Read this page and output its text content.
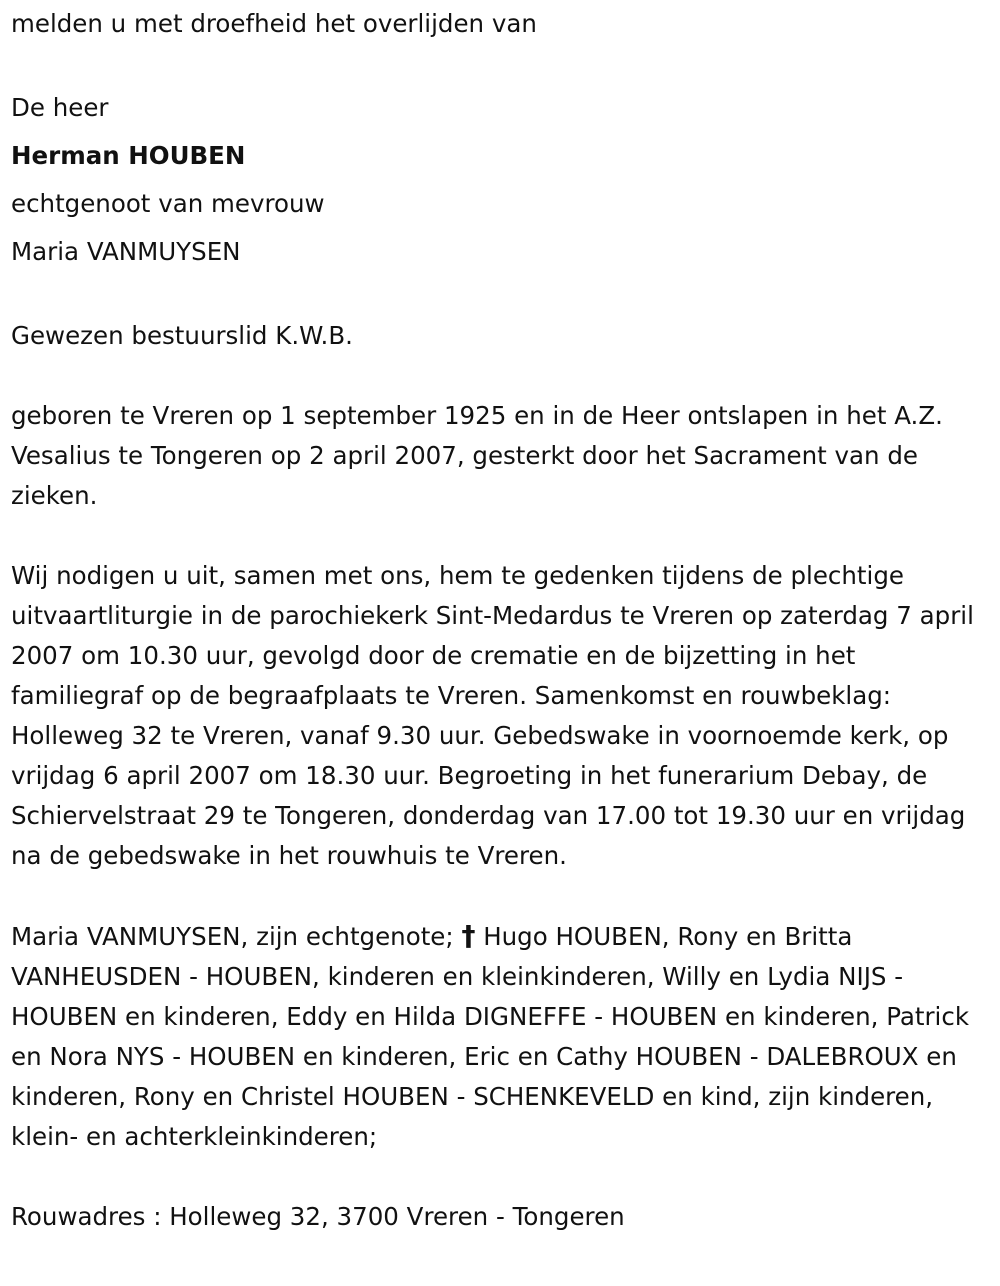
melden u met droefheid het overlijden van

De heer

Herman HOUBEN

echtgenoot van mevrouw

Maria VANMUYSEN

Gewezen bestuurslid K.W.B.

geboren te Vreren op 1 september 1925 en in de Heer ontslapen in het A.Z. Vesalius te Tongeren op 2 april 2007, gesterkt door het Sacrament van de zieken.

Wij nodigen u uit, samen met ons, hem te gedenken tijdens de plechtige uitvaartliturgie in de parochiekerk Sint-Medardus te Vreren op zaterdag 7 april 2007 om 10.30 uur, gevolgd door de crematie en de bijzetting in het familiegraf op de begraafplaats te Vreren. Samenkomst en rouwbeklag: Holleweg 32 te Vreren, vanaf 9.30 uur. Gebedswake in voornoemde kerk, op vrijdag 6 april 2007 om 18.30 uur. Begroeting in het funerarium Debay, de Schiervelstraat 29 te Tongeren, donderdag van 17.00 tot 19.30 uur en vrijdag na de gebedswake in het rouwhuis te Vreren.

Maria VANMUYSEN, zijn echtgenote; † Hugo HOUBEN, Rony en Britta VANHEUSDEN - HOUBEN, kinderen en kleinkinderen, Willy en Lydia NIJS - HOUBEN en kinderen, Eddy en Hilda DIGNEFFE - HOUBEN en kinderen, Patrick en Nora NYS - HOUBEN en kinderen, Eric en Cathy HOUBEN - DALEBROUX en kinderen, Rony en Christel HOUBEN - SCHENKEVELD en kind, zijn kinderen, klein- en achterkleinkinderen;

Rouwadres : Holleweg 32, 3700 Vreren - Tongeren
